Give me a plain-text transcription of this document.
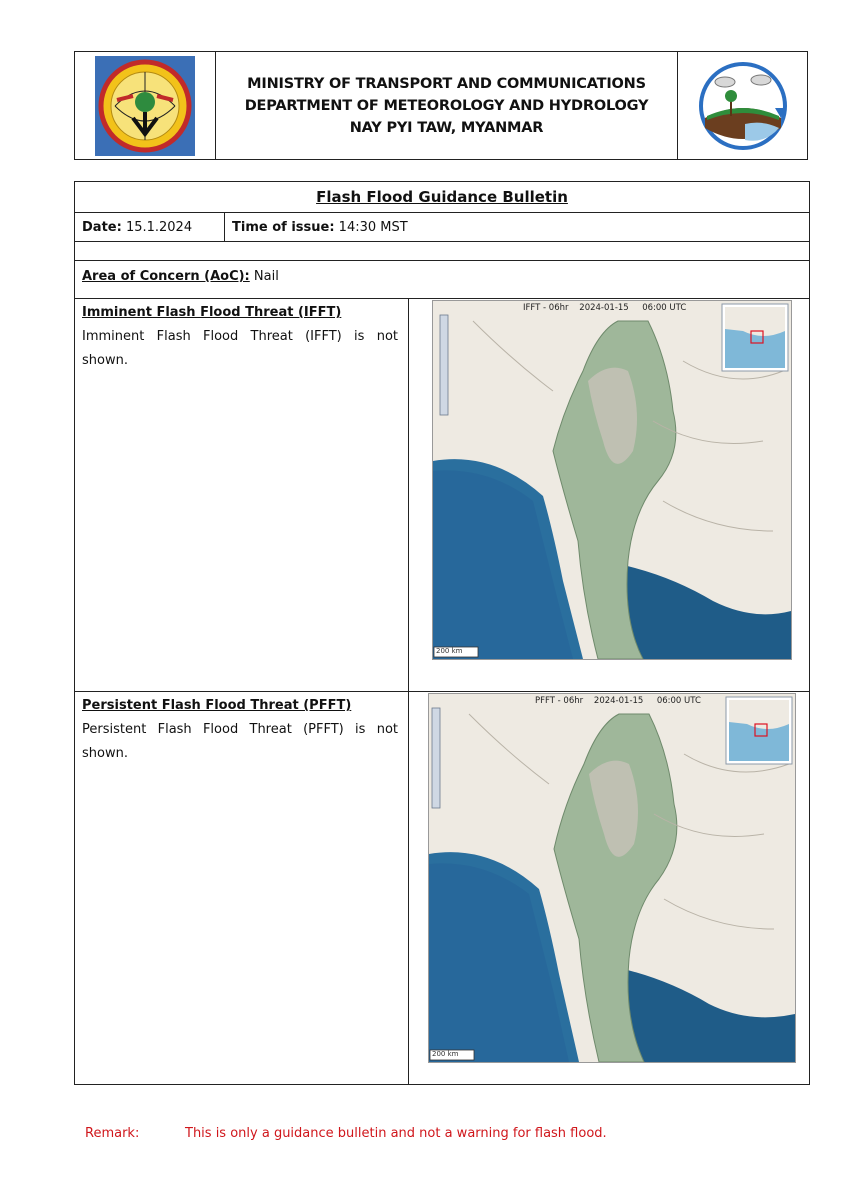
MINISTRY OF TRANSPORT AND COMMUNICATIONS
DEPARTMENT OF METEOROLOGY AND HYDROLOGY
NAY PYI TAW, MYANMAR
Flash Flood Guidance Bulletin
Date: 15.1.2024	Time of issue: 14:30 MST
Area of Concern (AoC): Nail
Imminent Flash Flood Threat (IFFT)
Imminent Flash Flood Threat (IFFT) is not shown.
IFFT - 06hr    2024-01-15     06:00 UTC
200 km
Persistent Flash Flood Threat (PFFT)
Persistent Flash Flood Threat (PFFT) is not shown.
PFFT - 06hr    2024-01-15     06:00 UTC
200 km
Remark:	This is only a guidance bulletin and not a warning for flash flood.
